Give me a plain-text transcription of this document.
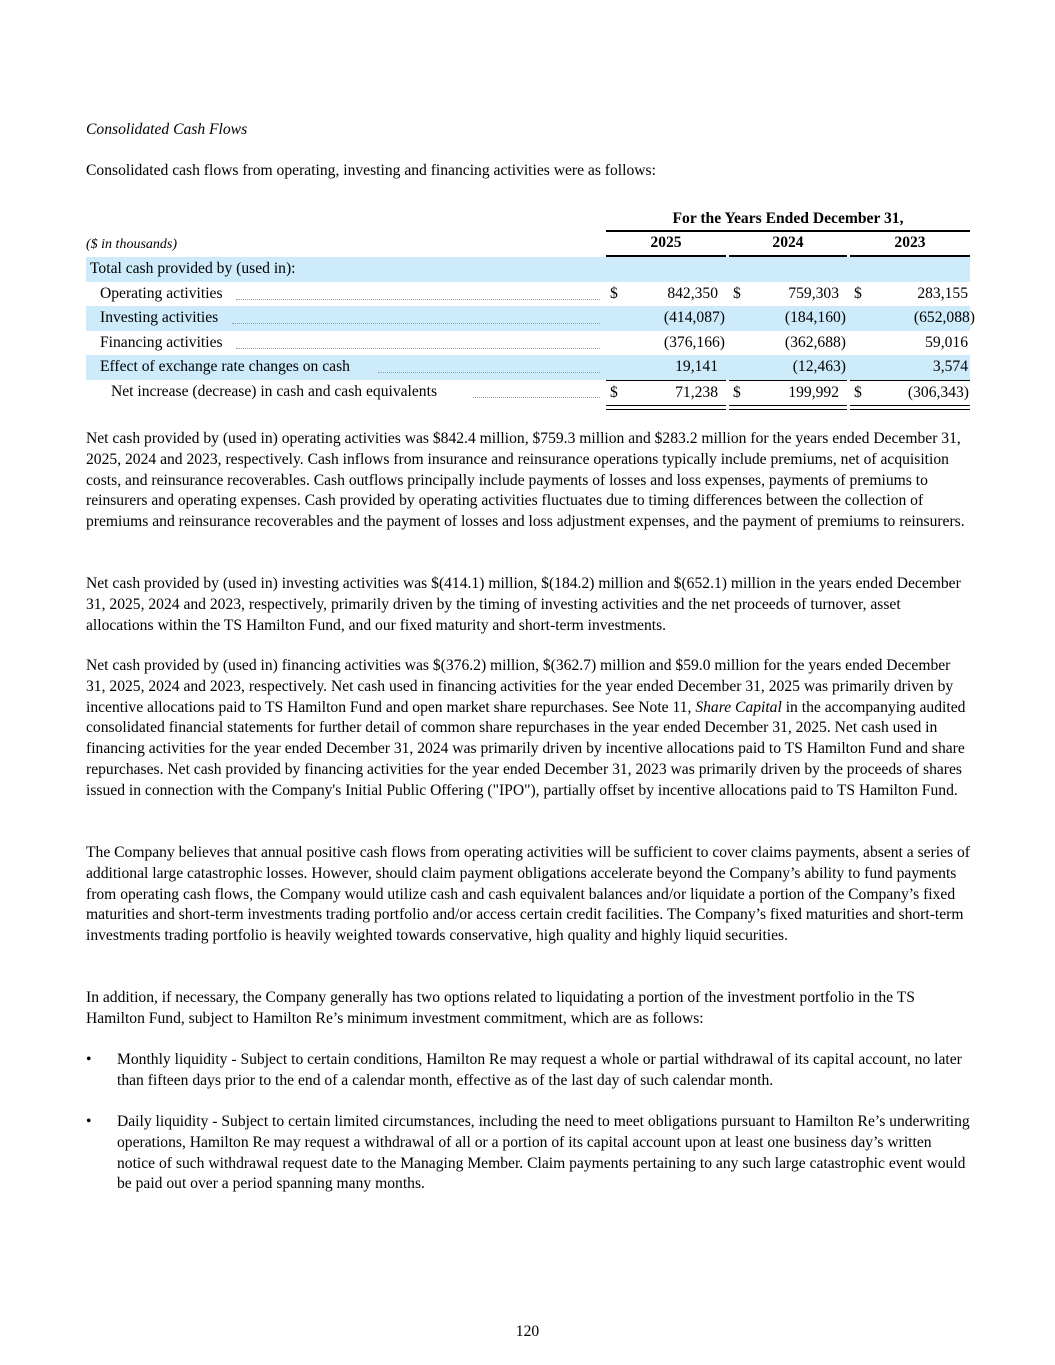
Consolidated Cash Flows
Consolidated cash flows from operating, investing and financing activities were as follows:
For the Years Ended December 31,
($ in thousands)	2025	2024	2023
Total cash provided by (used in):
Operating activities	$	842,350 $	759,303 $	283,155
Investing activities	(414,087)	(184,160)	(652,088)
Financing activities	(376,166)	(362,688)	59,016
Effect of exchange rate changes on cash	19,141	(12,463)	3,574
Net increase (decrease) in cash and cash equivalents	$	71,238 $	199,992 $	(306,343)
Net cash provided by (used in) operating activities was $842.4 million, $759.3 million and $283.2 million for the years ended December 31, 2025, 2024 and 2023, respectively. Cash inflows from insurance and reinsurance operations typically include premiums, net of acquisition costs, and reinsurance recoverables. Cash outflows principally include payments of losses and loss expenses, payments of premiums to reinsurers and operating expenses. Cash provided by operating activities fluctuates due to timing differences between the collection of premiums and reinsurance recoverables and the payment of losses and loss adjustment expenses, and the payment of premiums to reinsurers.
Net cash provided by (used in) investing activities was $(414.1) million, $(184.2) million and $(652.1) million in the years ended December 31, 2025, 2024 and 2023, respectively, primarily driven by the timing of investing activities and the net proceeds of turnover, asset allocations within the TS Hamilton Fund, and our fixed maturity and short-term investments.
Net cash provided by (used in) financing activities was $(376.2) million, $(362.7) million and $59.0 million for the years ended December 31, 2025, 2024 and 2023, respectively. Net cash used in financing activities for the year ended December 31, 2025 was primarily driven by incentive allocations paid to TS Hamilton Fund and open market share repurchases. See Note 11, Share Capital in the accompanying audited consolidated financial statements for further detail of common share repurchases in the year ended December 31, 2025. Net cash used in financing activities for the year ended December 31, 2024 was primarily driven by incentive allocations paid to TS Hamilton Fund and share repurchases. Net cash provided by financing activities for the year ended December 31, 2023 was primarily driven by the proceeds of shares issued in connection with the Company's Initial Public Offering ("IPO"), partially offset by incentive allocations paid to TS Hamilton Fund.
The Company believes that annual positive cash flows from operating activities will be sufficient to cover claims payments, absent a series of additional large catastrophic losses. However, should claim payment obligations accelerate beyond the Company’s ability to fund payments from operating cash flows, the Company would utilize cash and cash equivalent balances and/or liquidate a portion of the Company’s fixed maturities and short-term investments trading portfolio and/or access certain credit facilities. The Company’s fixed maturities and short-term investments trading portfolio is heavily weighted towards conservative, high quality and highly liquid securities.
In addition, if necessary, the Company generally has two options related to liquidating a portion of the investment portfolio in the TS Hamilton Fund, subject to Hamilton Re’s minimum investment commitment, which are as follows:
• Monthly liquidity - Subject to certain conditions, Hamilton Re may request a whole or partial withdrawal of its capital account, no later than fifteen days prior to the end of a calendar month, effective as of the last day of such calendar month.
• Daily liquidity - Subject to certain limited circumstances, including the need to meet obligations pursuant to Hamilton Re’s underwriting operations, Hamilton Re may request a withdrawal of all or a portion of its capital account upon at least one business day’s written notice of such withdrawal request date to the Managing Member. Claim payments pertaining to any such large catastrophic event would be paid out over a period spanning many months.
120
